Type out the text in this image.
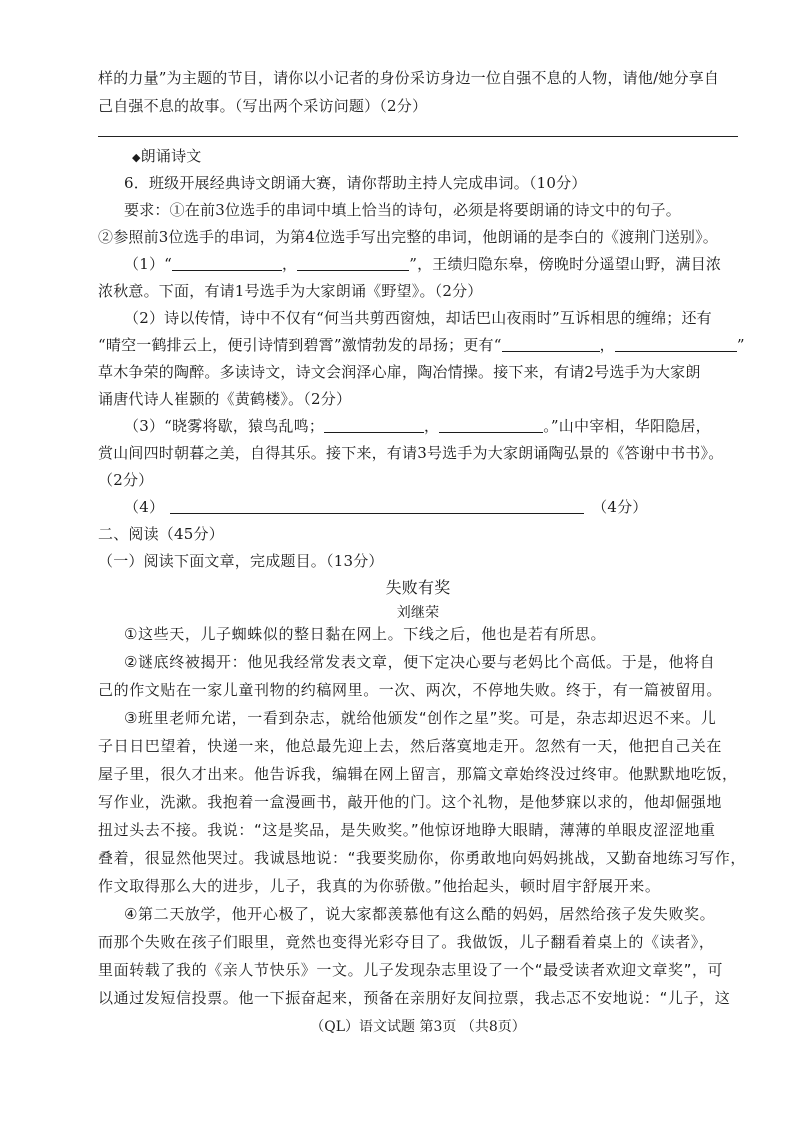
样的力量”为主题的节目，请你以小记者的身份采访身边一位自强不息的人物，请他/她分享自
己自强不息的故事。（写出两个采访问题）（2分）
◆朗诵诗文
6．班级开展经典诗文朗诵大赛，请你帮助主持人完成串词。（10分）
要求：①在前3位选手的串词中填上恰当的诗句，必须是将要朗诵的诗文中的句子。
②参照前3位选手的串词，为第4位选手写出完整的串词，他朗诵的是李白的《渡荆门送别》。
（1）“	，	”，王绩归隐东皋，傍晚时分遥望山野，满目浓
浓秋意。下面，有请1号选手为大家朗诵《野望》。（2分）
（2）诗以传情，诗中不仅有“何当共剪西窗烛，却话巴山夜雨时”互诉相思的缠绵；还有
“晴空一鹤排云上，便引诗情到碧霄”激情勃发的昂扬；更有“	，	”
草木争荣的陶醉。多读诗文，诗文会润泽心扉，陶冶情操。接下来，有请2号选手为大家朗
诵唐代诗人崔颢的《黄鹤楼》。（2分）
（3）“晓雾将歇，猿鸟乱鸣；	，	。”山中宰相，华阳隐居，
赏山间四时朝暮之美，自得其乐。接下来，有请3号选手为大家朗诵陶弘景的《答谢中书书》。
（2分）
（4）	（4分）
二、阅读（45分）
（一）阅读下面文章，完成题目。（13分）
失败有奖
刘继荣
①这些天，儿子蜘蛛似的整日黏在网上。下线之后，他也是若有所思。
②谜底终被揭开：他见我经常发表文章，便下定决心要与老妈比个高低。于是，他将自
己的作文贴在一家儿童刊物的约稿网里。一次、两次，不停地失败。终于，有一篇被留用。
③班里老师允诺，一看到杂志，就给他颁发“创作之星”奖。可是，杂志却迟迟不来。儿
子日日巴望着，快递一来，他总最先迎上去，然后落寞地走开。忽然有一天，他把自己关在
屋子里，很久才出来。他告诉我，编辑在网上留言，那篇文章始终没过终审。他默默地吃饭，
写作业，洗漱。我抱着一盒漫画书，敲开他的门。这个礼物，是他梦寐以求的，他却倔强地
扭过头去不接。我说：“这是奖品，是失败奖。”他惊讶地睁大眼睛，薄薄的单眼皮涩涩地重
叠着，很显然他哭过。我诚恳地说：“我要奖励你，你勇敢地向妈妈挑战，又勤奋地练习写作，
作文取得那么大的进步，儿子，我真的为你骄傲。”他抬起头，顿时眉宇舒展开来。
④第二天放学，他开心极了，说大家都羡慕他有这么酷的妈妈，居然给孩子发失败奖。
而那个失败在孩子们眼里，竟然也变得光彩夺目了。我做饭，儿子翻看着桌上的《读者》，
里面转载了我的《亲人节快乐》一文。儿子发现杂志里设了一个“最受读者欢迎文章奖”，可
以通过发短信投票。他一下振奋起来，预备在亲朋好友间拉票，我忐忑不安地说：“儿子，这
（QL）语文试题 第3页 （共8页）
